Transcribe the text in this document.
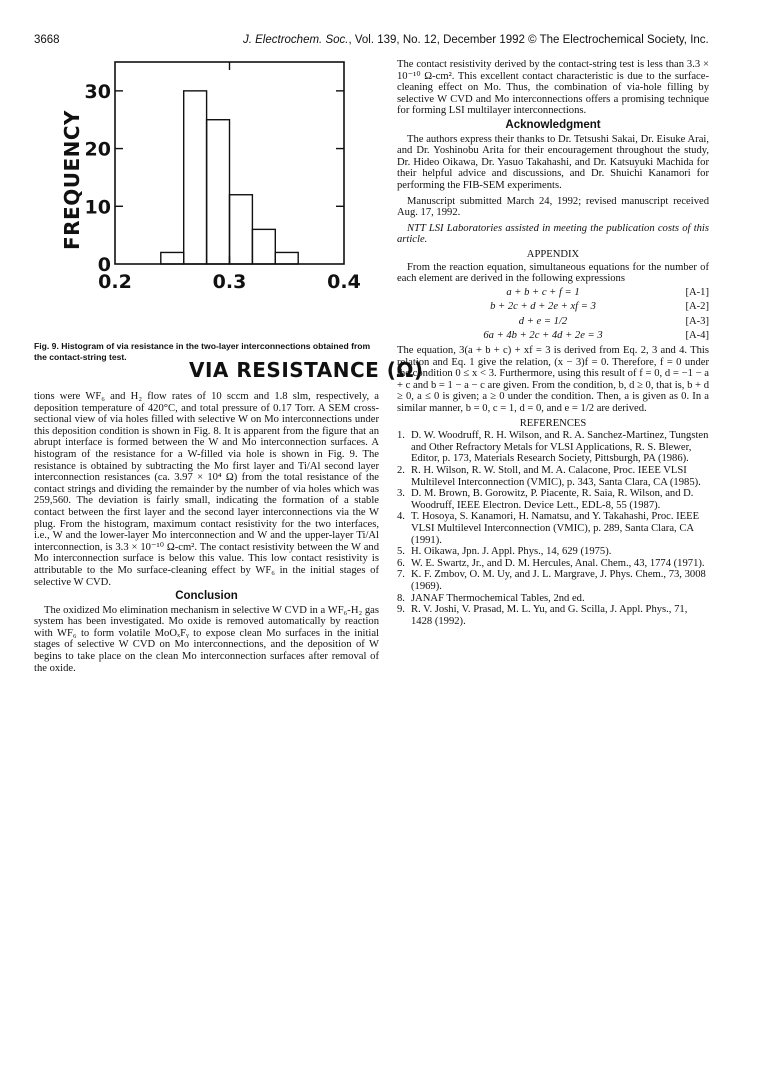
3668	J. Electrochem. Soc., Vol. 139, No. 12, December 1992 © The Electrochemical Society, Inc.
0
10
20
30
0.2	0.3	0.4
FREQUENCY
VIA RESISTANCE (Ω)
Fig. 9. Histogram of via resistance in the two-layer interconnections obtained from the contact-string test.

tions were WF₆ and H₂ flow rates of 10 sccm and 1.8 slm, respectively, a deposition temperature of 420°C, and total pressure of 0.17 Torr. A SEM cross-sectional view of via holes filled with selective W on Mo interconnections under this deposition condition is shown in Fig. 8. It is apparent from the figure that an abrupt interface is formed between the W and Mo interconnection surfaces. A histogram of the resistance for a W-filled via hole is shown in Fig. 9. The resistance is obtained by subtracting the Mo first layer and Ti/Al second layer interconnection resistances (ca. 3.97 × 10⁴ Ω) from the total resistance of the contact strings and dividing the remainder by the number of via holes which was 259,560. The deviation is fairly small, indicating the formation of a stable contact between the first layer and the second layer interconnections via the W plug. From the histogram, maximum contact resistivity for the two interfaces, i.e., W and the lower-layer Mo interconnection and W and the upper-layer Ti/Al interconnection, is 3.3 × 10⁻¹⁰ Ω-cm². The contact resistivity between the W and Mo interconnection surface is below this value. This low contact resistivity is attributable to the Mo surface-cleaning effect by WF₆ in the initial stages of selective W CVD.

Conclusion

The oxidized Mo elimination mechanism in selective W CVD in a WF₆-H₂ gas system has been investigated. Mo oxide is removed automatically by reaction with WF₆ to form volatile MoOₓFᵧ to expose clean Mo surfaces in the initial stages of selective W CVD on Mo interconnections, and the deposition of W begins to take place on the clean Mo interconnection surfaces after removal of the oxide.

The contact resistivity derived by the contact-string test is less than 3.3 × 10⁻¹⁰ Ω-cm². This excellent contact characteristic is due to the surface-cleaning effect on Mo. Thus, the combination of via-hole filling by selective W CVD and Mo interconnections offers a promising technique for forming LSI multilayer interconnections.

Acknowledgment

The authors express their thanks to Dr. Tetsushi Sakai, Dr. Eisuke Arai, and Dr. Yoshinobu Arita for their encouragement throughout the study, Dr. Hideo Oikawa, Dr. Yasuo Takahashi, and Dr. Katsuyuki Machida for their helpful advice and discussions, and Dr. Shuichi Kanamori for performing the FIB-SEM experiments.

Manuscript submitted March 24, 1992; revised manuscript received Aug. 17, 1992.

NTT LSI Laboratories assisted in meeting the publication costs of this article.

APPENDIX

From the reaction equation, simultaneous equations for the number of each element are derived in the following expressions

a + b + c + f = 1	[A-1]
b + 2c + d + 2e + xf = 3	[A-2]
d + e = 1/2	[A-3]
6a + 4b + 2c + 4d + 2e = 3	[A-4]

The equation, 3(a + b + c) + xf = 3 is derived from Eq. 2, 3 and 4. This relation and Eq. 1 give the relation, (x − 3)f = 0. Therefore, f = 0 under the condition 0 ≤ x < 3. Furthermore, using this result of f = 0, d = −1 − a + c and b = 1 − a − c are given. From the condition, b, d ≥ 0, that is, b + d ≥ 0, a ≤ 0 is given; a ≥ 0 under the condition. Then, a is given as 0. In a similar manner, b = 0, c = 1, d = 0, and e = 1/2 are derived.

REFERENCES
1. D. W. Woodruff, R. H. Wilson, and R. A. Sanchez-Martinez, Tungsten and Other Refractory Metals for VLSI Applications, R. S. Blewer, Editor, p. 173, Materials Research Society, Pittsburgh, PA (1986).
2. R. H. Wilson, R. W. Stoll, and M. A. Calacone, Proc. IEEE VLSI Multilevel Interconnection (VMIC), p. 343, Santa Clara, CA (1985).
3. D. M. Brown, B. Gorowitz, P. Piacente, R. Saia, R. Wilson, and D. Woodruff, IEEE Electron. Device Lett., EDL-8, 55 (1987).
4. T. Hosoya, S. Kanamori, H. Namatsu, and Y. Takahashi, Proc. IEEE VLSI Multilevel Interconnection (VMIC), p. 289, Santa Clara, CA (1991).
5. H. Oikawa, Jpn. J. Appl. Phys., 14, 629 (1975).
6. W. E. Swartz, Jr., and D. M. Hercules, Anal. Chem., 43, 1774 (1971).
7. K. F. Zmbov, O. M. Uy, and J. L. Margrave, J. Phys. Chem., 73, 3008 (1969).
8. JANAF Thermochemical Tables, 2nd ed.
9. R. V. Joshi, V. Prasad, M. L. Yu, and G. Scilla, J. Appl. Phys., 71, 1428 (1992).
